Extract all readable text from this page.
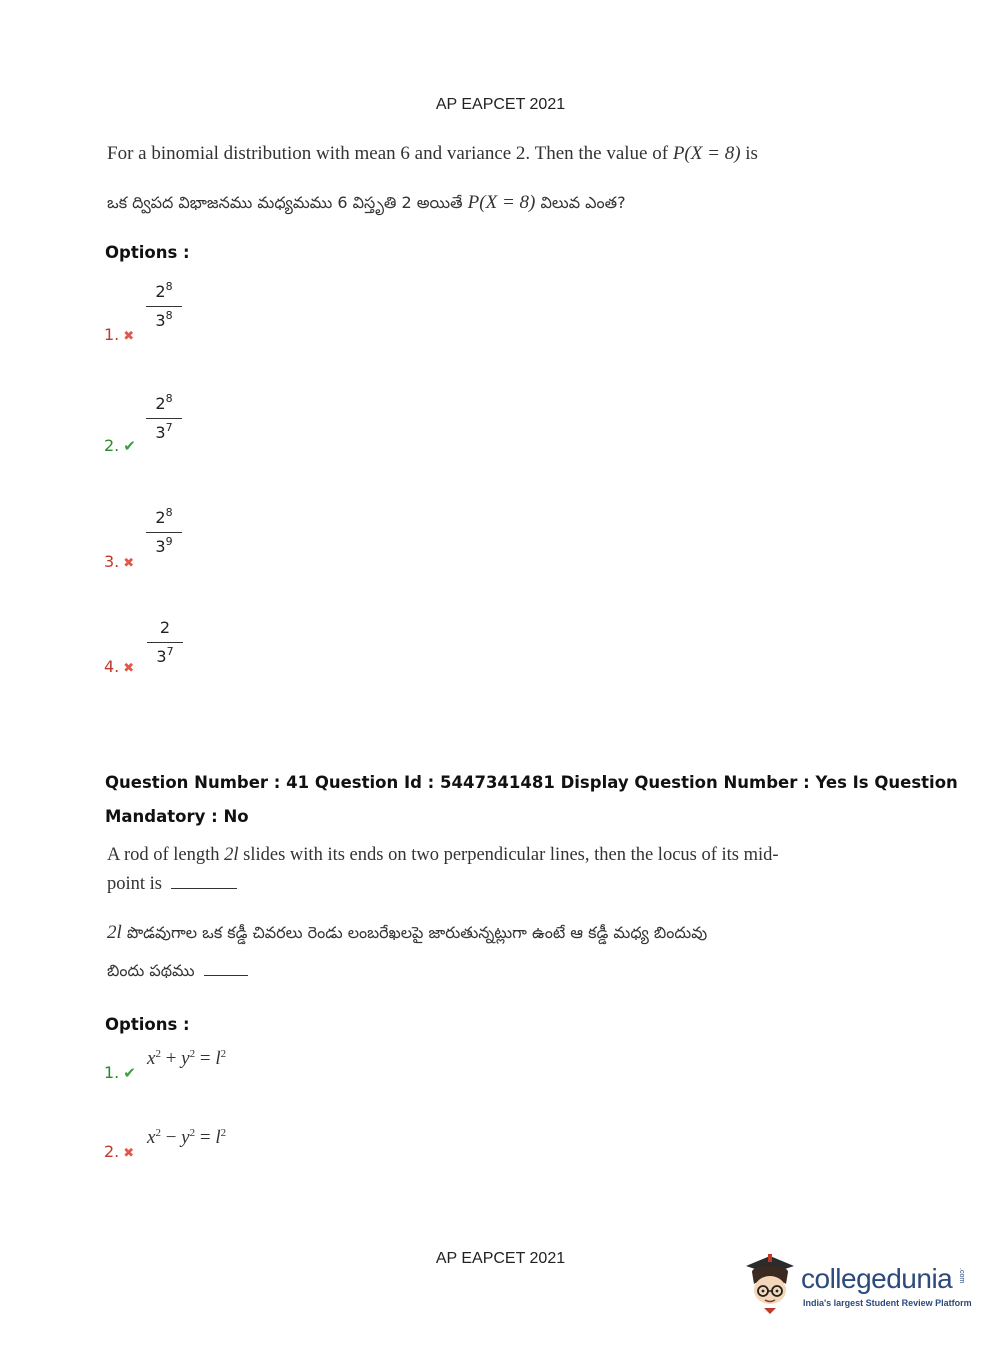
AP EAPCET 2021
For a binomial distribution with mean 6 and variance 2. Then the value of P(X = 8) is
ఒక ద్విపద విభాజనము మధ్యమము 6 విస్తృతి 2 అయితే P(X = 8) విలువ ఎంత?
Options :
$2^8$
$3^8$
1. ✖
$2^8$
$3^7$
2. ✔
$2^8$
$3^9$
3. ✖
2
$3^7$
4. ✖
Question Number : 41 Question Id : 5447341481 Display Question Number : Yes Is Question
Mandatory : No
A rod of length 2l slides with its ends on two perpendicular lines, then the locus of its mid-
point is
2l పొడవుగాల ఒక కడ్డీ చివరలు రెండు లంబరేఖలపై జారుతున్నట్లుగా ఉంటే ఆ కడ్డీ మధ్య బిందువు
బిందు పథము
Options :
1. ✔
$x^2 + y^2 = l^2$
2. ✖
$x^2 - y^2 = l^2$
AP EAPCET 2021
collegedunia .com
India's largest Student Review Platform
